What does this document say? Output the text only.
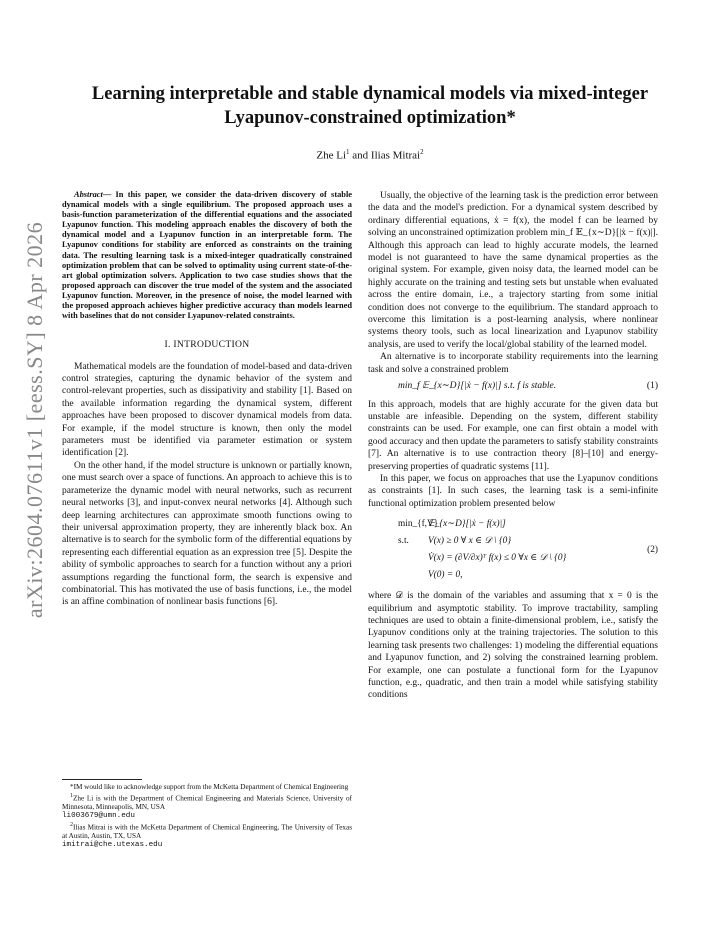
arXiv:2604.07611v1 [eess.SY] 8 Apr 2026
Learning interpretable and stable dynamical models via mixed-integer Lyapunov-constrained optimization*
Zhe Li$^1$ and Ilias Mitrai$^2$

Abstract— In this paper, we consider the data-driven discovery of stable dynamical models with a single equilibrium. The proposed approach uses a basis-function parameterization of the differential equations and the associated Lyapunov function. This modeling approach enables the discovery of both the dynamical model and a Lyapunov function in an interpretable form. The Lyapunov conditions for stability are enforced as constraints on the training data. The resulting learning task is a mixed-integer quadratically constrained optimization problem that can be solved to optimality using current state-of-the-art global optimization solvers. Application to two case studies shows that the proposed approach can discover the true model of the system and the associated Lyapunov function. Moreover, in the presence of noise, the model learned with the proposed approach achieves higher predictive accuracy than models learned with baselines that do not consider Lyapunov-related constraints.

I. INTRODUCTION

Mathematical models are the foundation of model-based and data-driven control strategies, capturing the dynamic behavior of the system and control-relevant properties, such as dissipativity and stability [1]. Based on the available information regarding the dynamical system, different approaches have been proposed to discover dynamical models from data. For example, if the model structure is known, then only the model parameters must be identified via parameter estimation or system identification [2].

On the other hand, if the model structure is unknown or partially known, one must search over a space of functions. An approach to achieve this is to parameterize the dynamic model with neural networks, such as recurrent neural networks [3], and input-convex neural networks [4]. Although such deep learning architectures can approximate smooth functions owing to their universal approximation property, they are inherently black box. An alternative is to search for the symbolic form of the differential equations by representing each differential equation as an expression tree [5]. Despite the ability of symbolic approaches to search for a function without any a priori assumptions regarding the functional form, the search is expensive and combinatorial. This has motivated the use of basis functions, i.e., the model is an affine combination of nonlinear basis functions [6].

*IM would like to acknowledge support from the McKetta Department of Chemical Engineering

$^1$Zhe Li is with the Department of Chemical Engineering and Materials Science, University of Minnesota, Minneapolis, MN, USA
li003679@umn.edu

$^2$Ilias Mitrai is with the McKetta Department of Chemical Engineering, The University of Texas at Austin, Austin, TX, USA
imitrai@che.utexas.edu

Usually, the objective of the learning task is the prediction error between the data and the model's prediction. For a dynamical system described by ordinary differential equations, ẋ = f(x), the model f can be learned by solving an unconstrained optimization problem min_f 𝔼_{x∼D}[|ẋ − f(x)|]. Although this approach can lead to highly accurate models, the learned model is not guaranteed to have the same dynamical properties as the original system. For example, given noisy data, the learned model can be highly accurate on the training and testing sets but unstable when evaluated across the entire domain, i.e., a trajectory starting from some initial condition does not converge to the equilibrium. The standard approach to overcome this limitation is a post-learning analysis, where nonlinear systems theory tools, such as local linearization and Lyapunov stability analysis, are used to verify the local/global stability of the learned model.

An alternative is to incorporate stability requirements into the learning task and solve a constrained problem

min_f 𝔼_{x∼D}[|ẋ − f(x)|] s.t. f is stable.	(1)

In this approach, models that are highly accurate for the given data but unstable are infeasible. Depending on the system, different stability constraints can be used. For example, one can first obtain a model with good accuracy and then update the parameters to satisfy stability constraints [7]. An alternative is to use contraction theory [8]–[10] and energy-preserving properties of quadratic systems [11].

In this paper, we focus on approaches that use the Lyapunov conditions as constraints [1]. In such cases, the learning task is a semi-infinite functional optimization problem presented below

min_{f,V}
𝔼_{x∼D}[|ẋ − f(x)|]
s.t.	V(x) ≥ 0 ∀ x ∈ 𝒟 \ {0}
V̇(x) = (∂V/∂x)ᵀ f(x) ≤ 0 ∀x ∈ 𝒟 \ {0}
V(0) = 0,
(2)

where 𝒟 is the domain of the variables and assuming that x = 0 is the equilibrium and asymptotic stability. To improve tractability, sampling techniques are used to obtain a finite-dimensional problem, i.e., satisfy the Lyapunov conditions only at the training trajectories. The solution to this learning task presents two challenges: 1) modeling the differential equations and Lyapunov function, and 2) solving the constrained learning problem. For example, one can postulate a functional form for the Lyapunov function, e.g., quadratic, and then train a model while satisfying stability conditions
